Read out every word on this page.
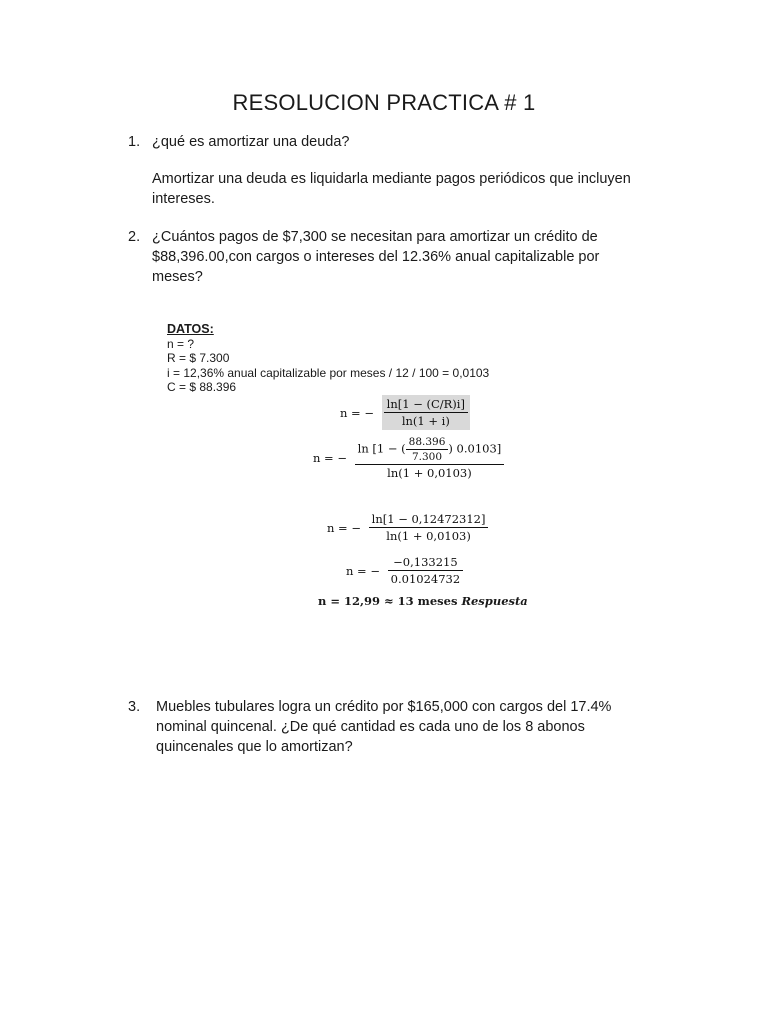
RESOLUCION PRACTICA # 1
1. ¿qué es amortizar una deuda?
Amortizar una deuda es liquidarla mediante pagos periódicos que incluyen intereses.
2. ¿Cuántos pagos de $7,300 se necesitan para amortizar un crédito de $88,396.00,con cargos o intereses del 12.36% anual capitalizable por meses?
DATOS:
n = ?
R = $ 7.300
i = 12,36% anual capitalizable por meses / 12 / 100 = 0,0103
C = $ 88.396
n = − $\frac{\ln[1 - (C/R)i]}{\ln(1 + i)}$
n = − $\frac{\ln [1 - ( \frac{88.396}{7.300} ) 0.0103]}{\ln(1 + 0,0103)}$
n = − $\frac{\ln[1 - 0,12472312]}{\ln(1 + 0,0103)}$
n = − $\frac{-0,133215}{0.01024732}$
n = 12,99 ≈ 13 meses Respuesta
3. Muebles tubulares logra un crédito por $165,000 con cargos del 17.4% nominal quincenal. ¿De qué cantidad es cada uno de los 8 abonos quincenales que lo amortizan?
